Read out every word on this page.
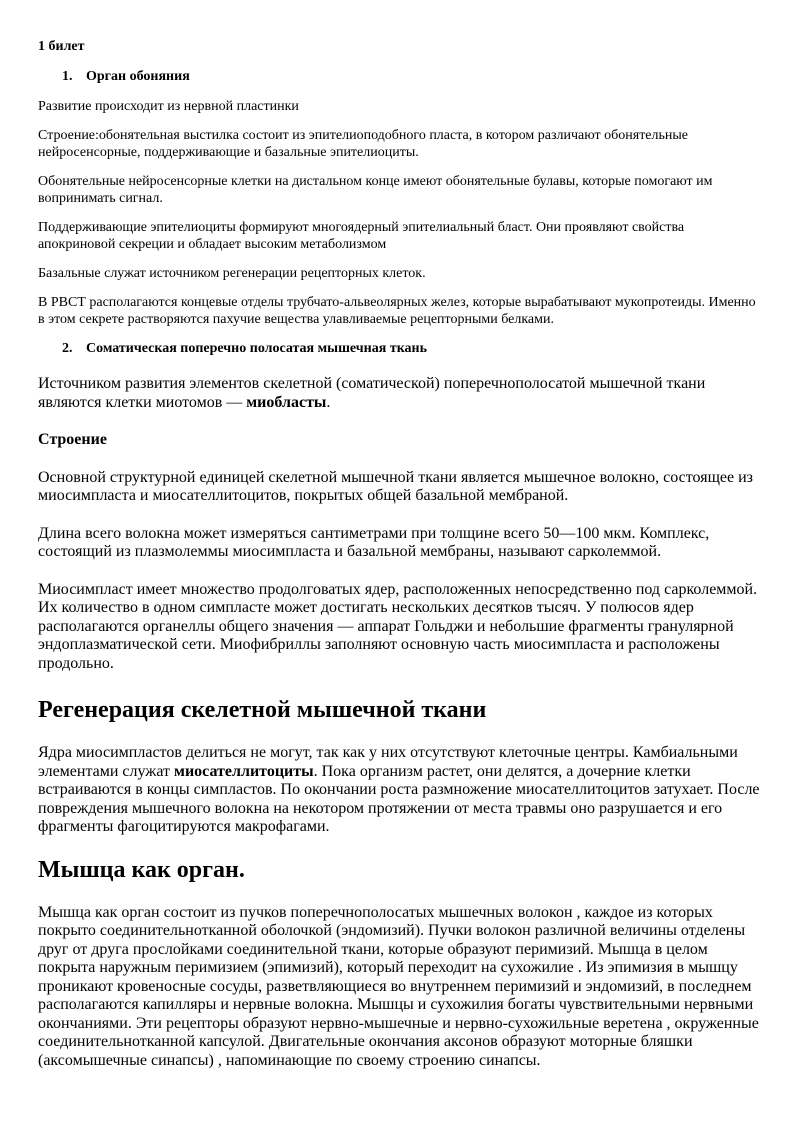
1 билет
1. Орган обоняния

Развитие происходит из нервной пластинки

Строение:обонятельная выстилка состоит из эпителиоподобного пласта, в котором различают обонятельные нейросенсорные, поддерживающие и базальные эпителиоциты.

Обонятельные нейросенсорные клетки на дистальном конце имеют обонятельные булавы, которые помогают им вопринимать сигнал.

Поддерживающие эпителиоциты формируют многоядерный эпителиальный бласт. Они проявляют свойства апокриновой секреции и обладает высоким метаболизмом

Базальные служат источником регенерации рецепторных клеток.

В РВСТ располагаются концевые отделы трубчато-альвеолярных желез, которые вырабатывают мукопротеиды. Именно в этом секрете растворяются пахучие вещества улавливаемые рецепторными белками.

2. Соматическая поперечно полосатая мышечная ткань

Источником развития элементов скелетной (соматической) поперечнополосатой мышечной ткани являются клетки миотомов — миобласты.

Строение

Основной структурной единицей скелетной мышечной ткани является мышечное волокно, состоящее из миосимпласта и миосателлитоцитов, покрытых общей базальной мембраной.

Длина всего волокна может измеряться сантиметрами при толщине всего 50—100 мкм. Комплекс, состоящий из плазмолеммы миосимпласта и базальной мембраны, называют сарколеммой.

Миосимпласт имеет множество продолговатых ядер, расположенных непосредственно под сарколеммой. Их количество в одном симпласте может достигать нескольких десятков тысяч. У полюсов ядер располагаются органеллы общего значения — аппарат Гольджи и небольшие фрагменты гранулярной эндоплазматической сети. Миофибриллы заполняют основную часть миосимпласта и расположены продольно.

Регенерация скелетной мышечной ткани

Ядра миосимпластов делиться не могут, так как у них отсутствуют клеточные центры. Камбиальными элементами служат миосателлитоциты. Пока организм растет, они делятся, а дочерние клетки встраиваются в концы симпластов. По окончании роста размножение миосателлитоцитов затухает. После повреждения мышечного волокна на некотором протяжении от места травмы оно разрушается и его фрагменты фагоцитируются макрофагами.

Мышца как орган.

Мышца как орган состоит из пучков поперечнополосатых мышечных волокон , каждое из которых покрыто соединительнотканной оболочкой (эндомизий). Пучки волокон различной величины отделены друг от друга прослойками соединительной ткани, которые образуют перимизий. Мышца в целом покрыта наружным перимизием (эпимизий), который переходит на сухожилие . Из эпимизия в мышцу проникают кровеносные сосуды, разветвляющиеся во внутреннем перимизий и эндомизий, в последнем располагаются капилляры и нервные волокна. Мышцы и сухожилия богаты чувствительными нервными окончаниями. Эти рецепторы образуют нервно-мышечные и нервно-сухожильные веретена , окруженные соединительнотканной капсулой. Двигательные окончания аксонов образуют моторные бляшки (аксомышечные синапсы) , напоминающие по своему строению синапсы.
